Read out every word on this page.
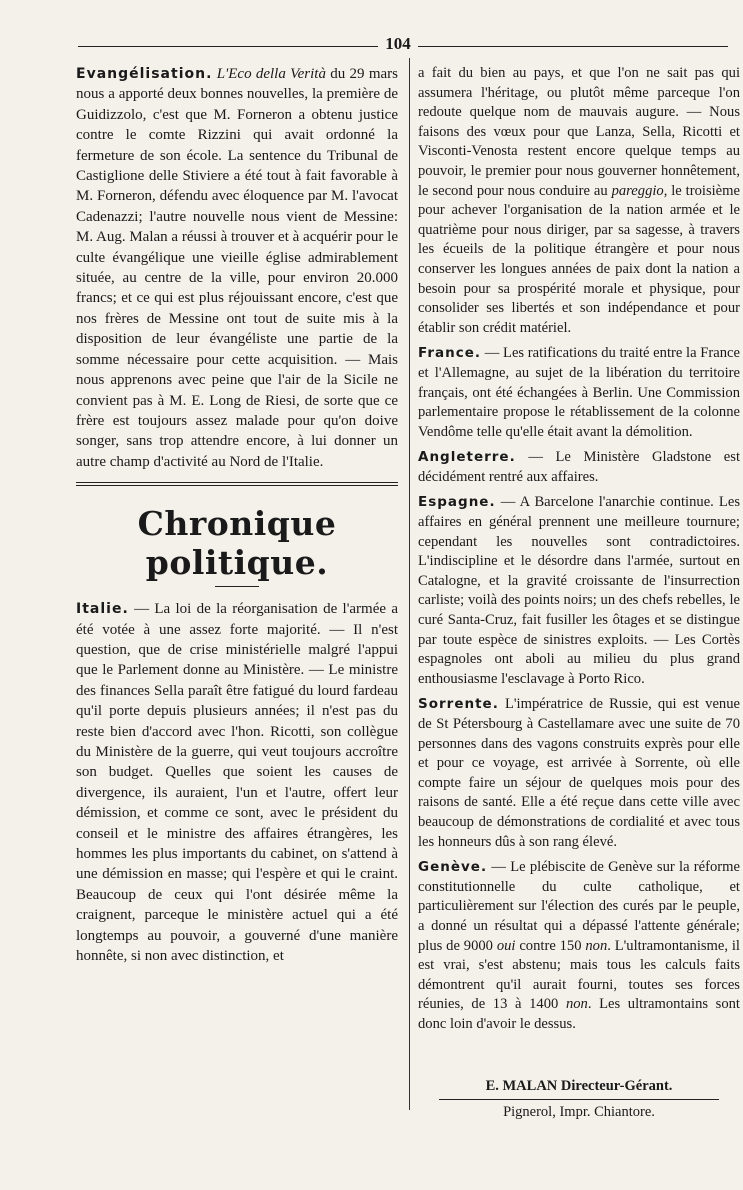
104

Evangélisation. L'Eco della Verità du 29 mars nous a apporté deux bonnes nouvelles, la première de Guidizzolo, c'est que M. Forneron a obtenu justice contre le comte Rizzini qui avait ordonné la fermeture de son école. La sentence du Tribunal de Castiglione delle Stiviere a été tout à fait favorable à M. Forneron, défendu avec éloquence par M. l'avocat Cadenazzi; l'autre nouvelle nous vient de Messine: M. Aug. Malan a réussi à trouver et à acquérir pour le culte évangélique une vieille église admirablement située, au centre de la ville, pour environ 20.000 francs; et ce qui est plus réjouissant encore, c'est que nos frères de Messine ont tout de suite mis à la disposition de leur évangéliste une partie de la somme nécessaire pour cette acquisition. — Mais nous apprenons avec peine que l'air de la Sicile ne convient pas à M. E. Long de Riesi, de sorte que ce frère est toujours assez malade pour qu'on doive songer, sans trop attendre encore, à lui donner un autre champ d'activité au Nord de l'Italie.

Chronique politique.

Italie. — La loi de la réorganisation de l'armée a été votée à une assez forte majorité. — Il n'est question, que de crise ministérielle malgré l'appui que le Parlement donne au Ministère. — Le ministre des finances Sella paraît être fatigué du lourd fardeau qu'il porte depuis plusieurs années; il n'est pas du reste bien d'accord avec l'hon. Ricotti, son collègue du Ministère de la guerre, qui veut toujours accroître son budget. Quelles que soient les causes de divergence, ils auraient, l'un et l'autre, offert leur démission, et comme ce sont, avec le président du conseil et le ministre des affaires étrangères, les hommes les plus importants du cabinet, on s'attend à une démission en masse; qui l'espère et qui le craint. Beaucoup de ceux qui l'ont désirée même la craignent, parceque le ministère actuel qui a été longtemps au pouvoir, a gouverné d'une manière honnête, si non avec distinction, et

a fait du bien au pays, et que l'on ne sait pas qui assumera l'héritage, ou plutôt même parceque l'on redoute quelque nom de mauvais augure. — Nous faisons des vœux pour que Lanza, Sella, Ricotti et Visconti-Venosta restent encore quelque temps au pouvoir, le premier pour nous gouverner honnêtement, le second pour nous conduire au pareggio, le troisième pour achever l'organisation de la nation armée et le quatrième pour nous diriger, par sa sagesse, à travers les écueils de la politique étrangère et pour nous conserver les longues années de paix dont la nation a besoin pour sa prospérité morale et physique, pour consolider ses libertés et son indépendance et pour établir son crédit matériel.

France. — Les ratifications du traité entre la France et l'Allemagne, au sujet de la libération du territoire français, ont été échangées à Berlin. Une Commission parlementaire propose le rétablissement de la colonne Vendôme telle qu'elle était avant la démolition.

Angleterre. — Le Ministère Gladstone est décidément rentré aux affaires.

Espagne. — A Barcelone l'anarchie continue. Les affaires en général prennent une meilleure tournure; cependant les nouvelles sont contradictoires. L'indiscipline et le désordre dans l'armée, surtout en Catalogne, et la gravité croissante de l'insurrection carliste; voilà des points noirs; un des chefs rebelles, le curé Santa-Cruz, fait fusiller les ôtages et se distingue par toute espèce de sinistres exploits. — Les Cortès espagnoles ont aboli au milieu du plus grand enthousiasme l'esclavage à Porto Rico.

Sorrente. L'impératrice de Russie, qui est venue de St Pétersbourg à Castellamare avec une suite de 70 personnes dans des vagons construits exprès pour elle et pour ce voyage, est arrivée à Sorrente, où elle compte faire un séjour de quelques mois pour des raisons de santé. Elle a été reçue dans cette ville avec beaucoup de démonstrations de cordialité et avec tous les honneurs dûs à son rang élevé.

Genève. — Le plébiscite de Genève sur la réforme constitutionnelle du culte catholique, et particulièrement sur l'élection des curés par le peuple, a donné un résultat qui a dépassé l'attente générale; plus de 9000 oui contre 150 non. L'ultramontanisme, il est vrai, s'est abstenu; mais tous les calculs faits démontrent qu'il aurait fourni, toutes ses forces réunies, de 13 à 1400 non. Les ultramontains sont donc loin d'avoir le dessus.

E. MALAN Directeur-Gérant.

Pignerol, Impr. Chiantore.
